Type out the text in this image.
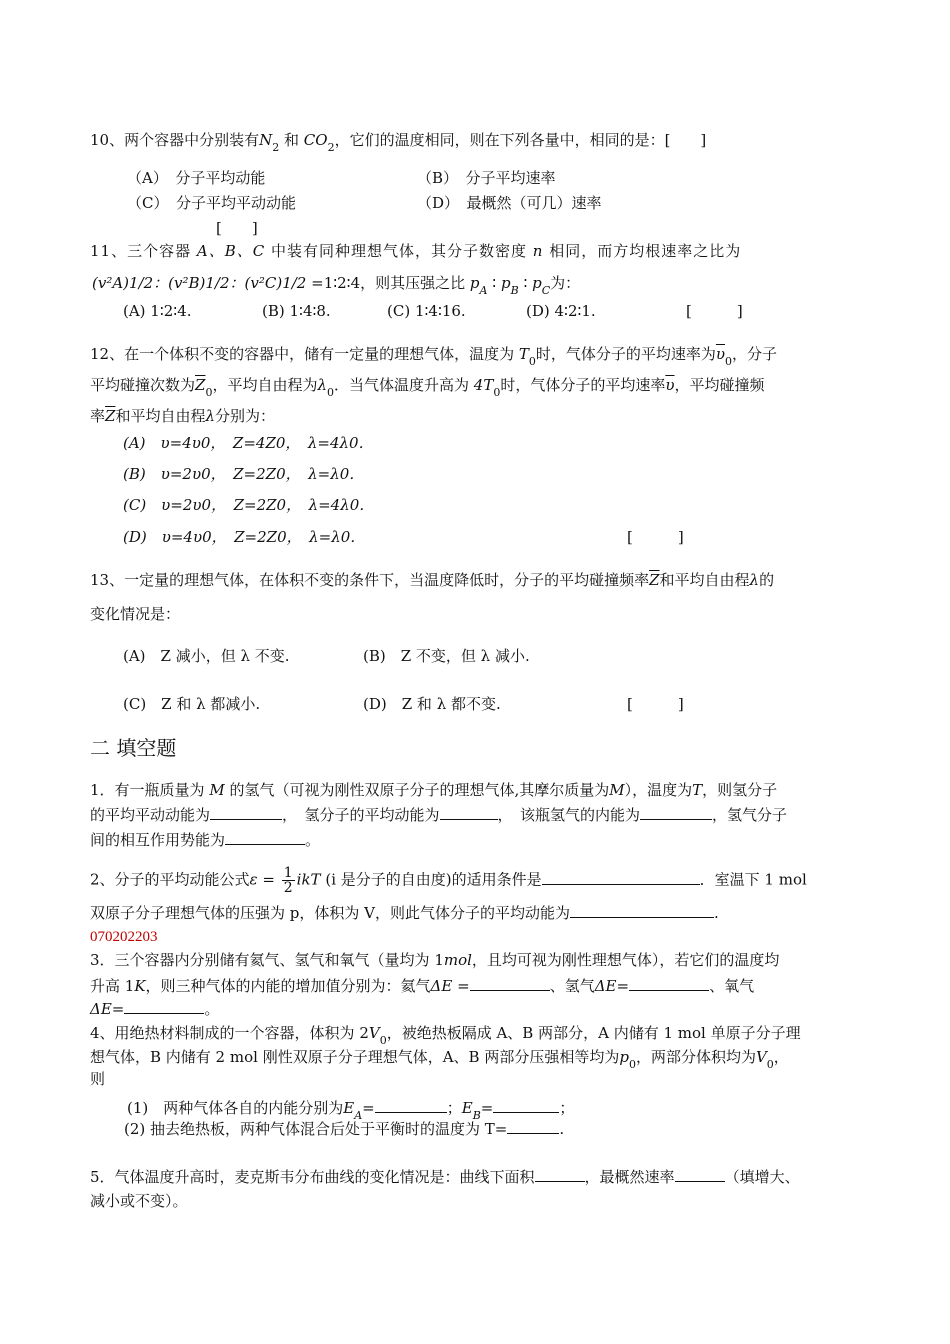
10、两个容器中分别装有$N_2$ 和 $CO_2$，它们的温度相同，则在下列各量中，相同的是：[　　]
（A）　分子平均动能	（B）　分子平均速率
（C）　分子平均平动动能	（D）　最概然（可几）速率
[　　]
11、三个容器 A、B、C 中装有同种理想气体，其分子数密度 n 相同，而方均根速率之比为
(v²A)1/2：(v²B)1/2：(v²C)1/2 =1∶2∶4，则其压强之比 $p_A$ ∶ $p_B$ ∶ $p_C$为：
(A) 1∶2∶4.	(B) 1∶4∶8.	(C) 1∶4∶16.	(D) 4∶2∶1.	[　　　]
12、在一个体积不变的容器中，储有一定量的理想气体，温度为 $T_0$时，气体分子的平均速率为$\overline{\upsilon}_0$，分子
平均碰撞次数为$\overline{Z}_0$，平均自由程为$\lambda_0$．当气体温度升高为 $4T_0$时，气体分子的平均速率$\overline{\upsilon}$，平均碰撞频
率$\overline{Z}$和平均自由程λ分别为：
(A)　υ=4υ0，　Z=4Z0，　λ=4λ0．
(B)　υ=2υ0，　Z=2Z0，　λ=λ0．
(C)　υ=2υ0，　Z=2Z0，　λ=4λ0．
(D)　υ=4υ0，　Z=2Z0，　λ=λ0．	[　　　]
13、一定量的理想气体，在体积不变的条件下，当温度降低时，分子的平均碰撞频率$\overline{Z}$和平均自由程λ的
变化情况是：
(A)　Z 减小，但 λ 不变.	(B)　Z 不变，但 λ 减小.
(C)　Z 和 λ 都减小.	(D)　Z 和 λ 都不变.	[　　　]
二 填空题
1．有一瓶质量为 M 的氢气（可视为刚性双原子分子的理想气体,其摩尔质量为M），温度为T，则氢分子
的平均平动动能为	，　氢分子的平均动能为	，　该瓶氢气的内能为	，氢气分子
间的相互作用势能为	。
2、分子的平均动能公式$\varepsilon = \frac{1}{2}$ ikT (i 是分子的自由度)的适用条件是	．室温下 1 mol
双原子分子理想气体的压强为 p，体积为 V，则此气体分子的平均动能为	.
070202203
3．三个容器内分别储有氦气、氢气和氧气（量均为 1mol，且均可视为刚性理想气体），若它们的温度均
升高 1K，则三种气体的内能的增加值分别为：氦气ΔE =	、氢气ΔE=	、氧气
ΔE=	。
4、用绝热材料制成的一个容器，体积为 $2V_0$，被绝热板隔成 A、B 两部分，A 内储有 1 mol 单原子分子理
想气体，B 内储有 2 mol 刚性双原子分子理想气体，A、B 两部分压强相等均为$p_0$，两部分体积均为$V_0$，
则
(1)　两种气体各自的内能分别为$E_A=$	；$E_B=$	；
(2) 抽去绝热板，两种气体混合后处于平衡时的温度为 T=	.
5．气体温度升高时，麦克斯韦分布曲线的变化情况是：曲线下面积	，最概然速率	（填增大、
减小或不变）。
